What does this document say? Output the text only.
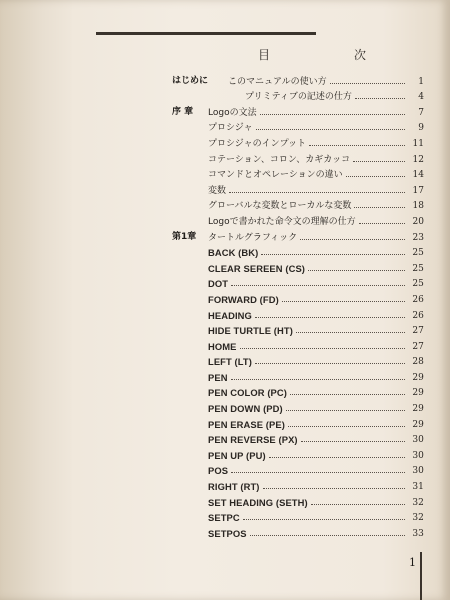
目	次
はじめに このマニュアルの使い方	1
プリミティブの記述の仕方	4
序 章 Logoの文法	7
プロシジャ	9
プロシジャのインプット	11
コテーション、コロン、カギカッコ	12
コマンドとオペレーションの違い	14
変数	17
グローバルな変数とローカルな変数	18
Logoで書かれた命令文の理解の仕方	20
第1章 タートルグラフィック	23
BACK (BK)	25
CLEAR SEREEN (CS)	25
DOT	25
FORWARD (FD)	26
HEADING	26
HIDE TURTLE (HT)	27
HOME	27
LEFT (LT)	28
PEN	29
PEN COLOR (PC)	29
PEN DOWN (PD)	29
PEN ERASE (PE)	29
PEN REVERSE (PX)	30
PEN UP (PU)	30
POS	30
RIGHT (RT)	31
SET HEADING (SETH)	32
SETPC	32
SETPOS	33
1
